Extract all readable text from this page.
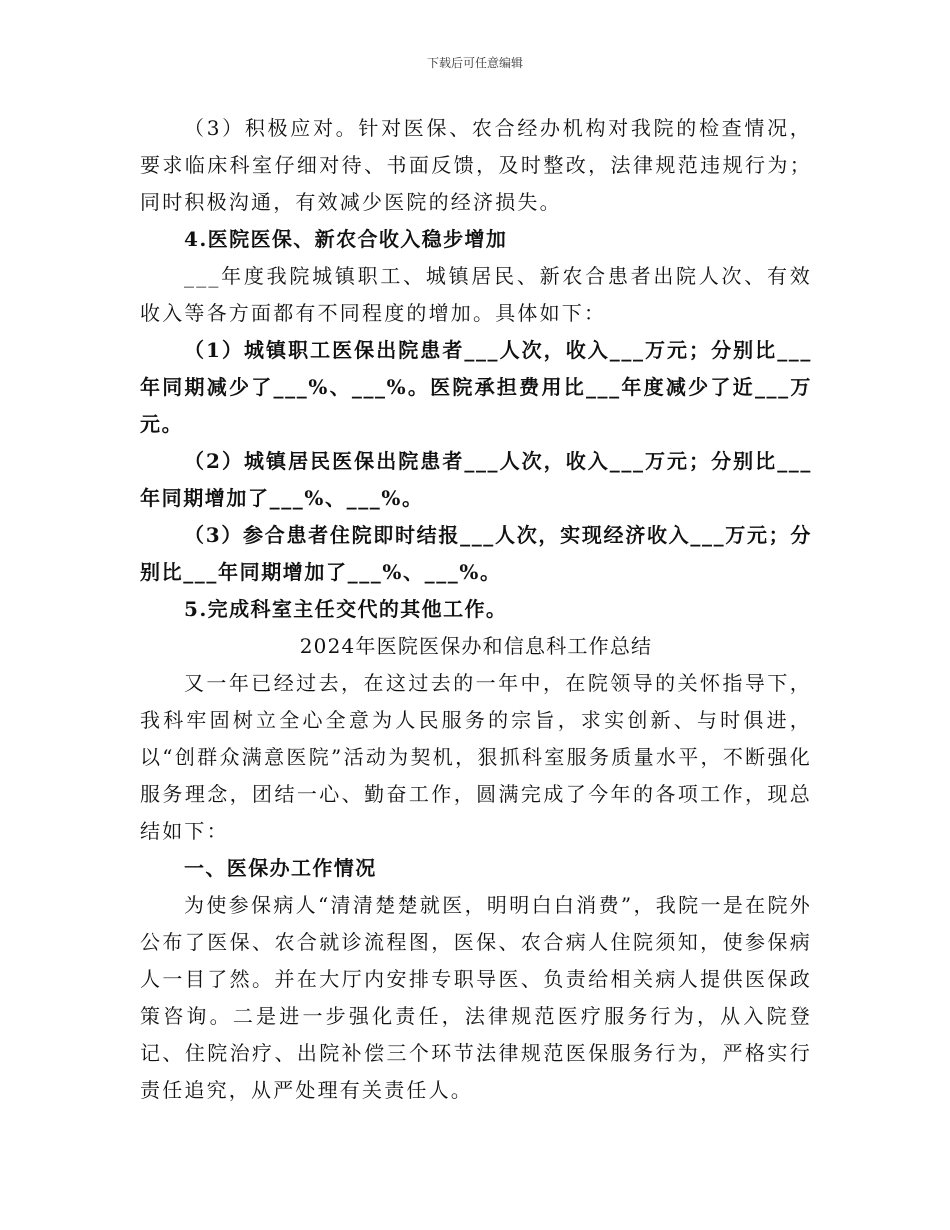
下载后可任意编辑

（3）积极应对。针对医保、农合经办机构对我院的检查情况，要求临床科室仔细对待、书面反馈，及时整改，法律规范违规行为；同时积极沟通，有效减少医院的经济损失。

4.医院医保、新农合收入稳步增加

___年度我院城镇职工、城镇居民、新农合患者出院人次、有效收入等各方面都有不同程度的增加。具体如下：

（1）城镇职工医保出院患者___人次，收入___万元；分别比___年同期减少了___%、___%。医院承担费用比___年度减少了近___万元。

（2）城镇居民医保出院患者___人次，收入___万元；分别比___年同期增加了___%、___%。

（3）参合患者住院即时结报___人次，实现经济收入___万元；分别比___年同期增加了___%、___%。

5.完成科室主任交代的其他工作。

2024年医院医保办和信息科工作总结

又一年已经过去，在这过去的一年中，在院领导的关怀指导下，我科牢固树立全心全意为人民服务的宗旨，求实创新、与时俱进，以“创群众满意医院”活动为契机，狠抓科室服务质量水平，不断强化服务理念，团结一心、勤奋工作，圆满完成了今年的各项工作，现总结如下：

一、医保办工作情况

为使参保病人“清清楚楚就医，明明白白消费”，我院一是在院外公布了医保、农合就诊流程图，医保、农合病人住院须知，使参保病人一目了然。并在大厅内安排专职导医、负责给相关病人提供医保政策咨询。二是进一步强化责任，法律规范医疗服务行为，从入院登记、住院治疗、出院补偿三个环节法律规范医保服务行为，严格实行责任追究，从严处理有关责任人。
